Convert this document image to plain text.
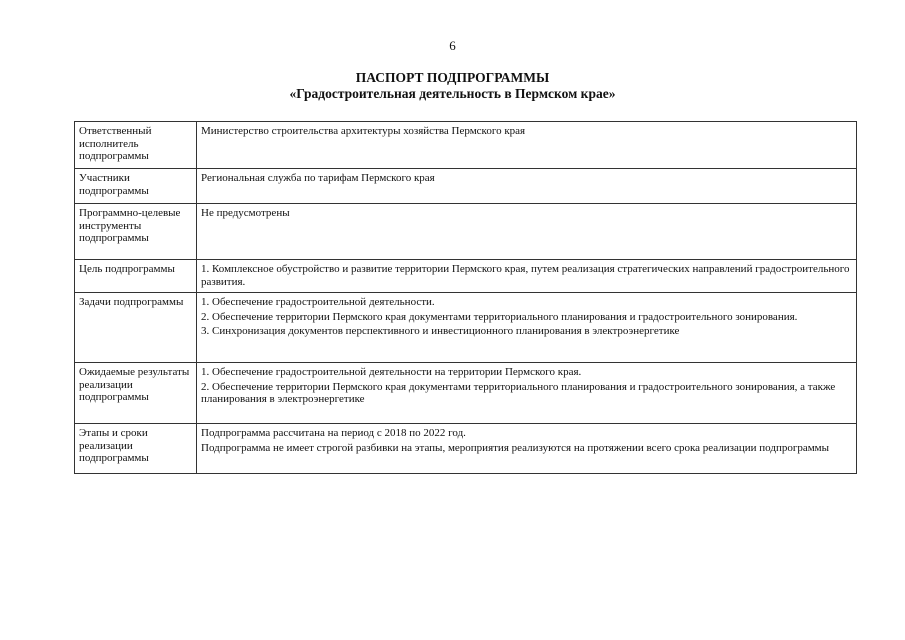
6
ПАСПОРТ ПОДПРОГРАММЫ
«Градостроительная деятельность в Пермском крае»
Ответственный исполнитель подпрограммы	Министерство строительства архитектуры хозяйства Пермского края

Участники подпрограммы	Региональная служба по тарифам Пермского края

Программно-целевые инструменты подпрограммы	Не предусмотрены

Цель подпрограммы	1. Комплексное обустройство и развитие территории Пермского края, путем реализация стратегических направлений градостроительного развития.

Задачи подпрограммы	1. Обеспечение градостроительной деятельности.
2. Обеспечение территории Пермского края документами территориального планирования и градостроительного зонирования.
3. Синхронизация документов перспективного и инвестиционного планирования в электроэнергетике

Ожидаемые результаты реализации подпрограммы	1. Обеспечение градостроительной деятельности на территории Пермского края.
2. Обеспечение территории Пермского края документами территориального планирования и градостроительного зонирования, а также планирования в электроэнергетике

Этапы и сроки реализации подпрограммы	Подпрограмма рассчитана на период с 2018 по 2022 год.
Подпрограмма не имеет строгой разбивки на этапы, мероприятия реализуются на протяжении всего срока реализации подпрограммы
